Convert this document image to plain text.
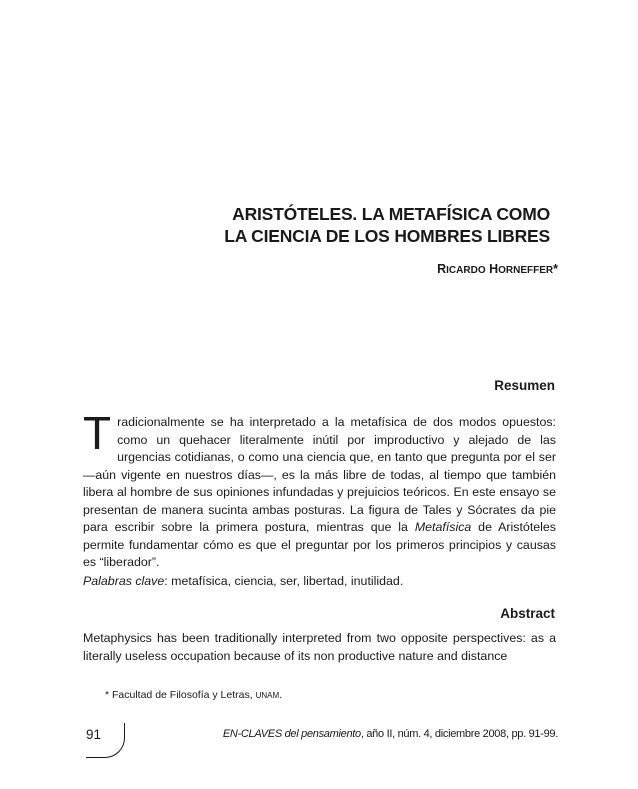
ARISTÓTELES. LA METAFÍSICA COMO
LA CIENCIA DE LOS HOMBRES LIBRES
RICARDO HORNEFFER*
Resumen
Tradicionalmente se ha interpretado a la metafísica de dos modos opuestos: como un quehacer literalmente inútil por improductivo y alejado de las urgencias cotidianas, o como una ciencia que, en tanto que pregunta por el ser —aún vigente en nuestros días—, es la más libre de todas, al tiempo que también libera al hombre de sus opiniones infundadas y prejuicios teóricos. En este ensayo se presentan de manera sucinta ambas posturas. La figura de Tales y Sócrates da pie para escribir sobre la primera postura, mientras que la Metafísica de Aristóteles permite fundamentar cómo es que el preguntar por los primeros principios y causas es “liberador”.
Palabras clave: metafísica, ciencia, ser, libertad, inutilidad.
Abstract
Metaphysics has been traditionally interpreted from two opposite perspectives: as a literally useless occupation because of its non productive nature and distance
* Facultad de Filosofía y Letras, UNAM.
91	EN-CLAVES del pensamiento, año II, núm. 4, diciembre 2008, pp. 91-99.
